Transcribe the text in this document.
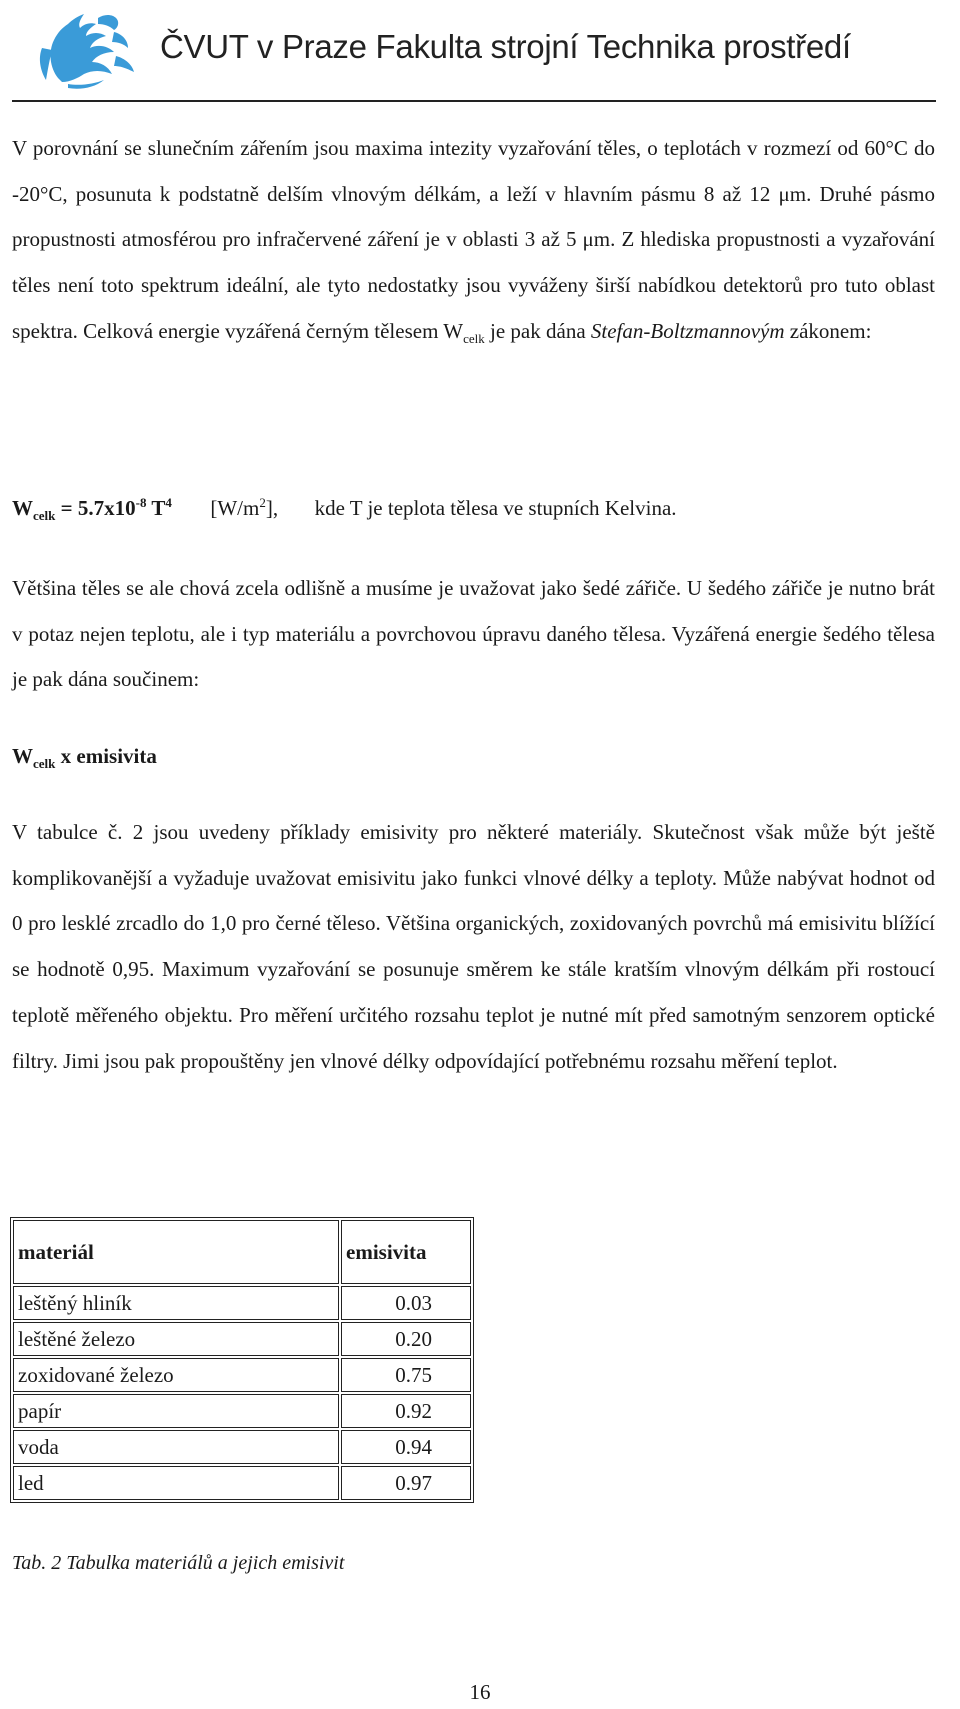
ČVUT v Praze Fakulta strojní Technika prostředí

V porovnání se slunečním zářením jsou maxima intezity vyzařování těles, o teplotách v rozmezí od 60°C do -20°C, posunuta k podstatně delším vlnovým délkám, a leží v hlavním pásmu 8 až 12 μm. Druhé pásmo propustnosti atmosférou pro infračervené záření je v oblasti 3 až 5 μm. Z hlediska propustnosti a vyzařování těles není toto spektrum ideální, ale tyto nedostatky jsou vyváženy širší nabídkou detektorů pro tuto oblast spektra. Celková energie vyzářená černým tělesem $W_{celk}$ je pak dána Stefan-Boltzmannovým zákonem:

$W_{celk} = 5.7x10^{-8}$ $T^4$ $[W/m^2]$, kde T je teplota tělesa ve stupních Kelvina.

Většina těles se ale chová zcela odlišně a musíme je uvažovat jako šedé zářiče. U šedého zářiče je nutno brát v potaz nejen teplotu, ale i typ materiálu a povrchovou úpravu daného tělesa. Vyzářená energie šedého tělesa je pak dána součinem:

$W_{celk}$ x emisivita

V tabulce č. 2 jsou uvedeny příklady emisivity pro některé materiály. Skutečnost však může být ještě komplikovanější a vyžaduje uvažovat emisivitu jako funkci vlnové délky a teploty. Může nabývat hodnot od 0 pro lesklé zrcadlo do 1,0 pro černé těleso. Většina organických, zoxidovaných povrchů má emisivitu blížící se hodnotě 0,95. Maximum vyzařování se posunuje směrem ke stále kratším vlnovým délkám při rostoucí teplotě měřeného objektu. Pro měření určitého rozsahu teplot je nutné mít před samotným senzorem optické filtry. Jimi jsou pak propouštěny jen vlnové délky odpovídající potřebnému rozsahu měření teplot.

materiál	emisivita
leštěný hliník	0.03
leštěné železo	0.20
zoxidované železo	0.75
papír	0.92
voda	0.94
led	0.97
Tab. 2 Tabulka materiálů a jejich emisivit
16
